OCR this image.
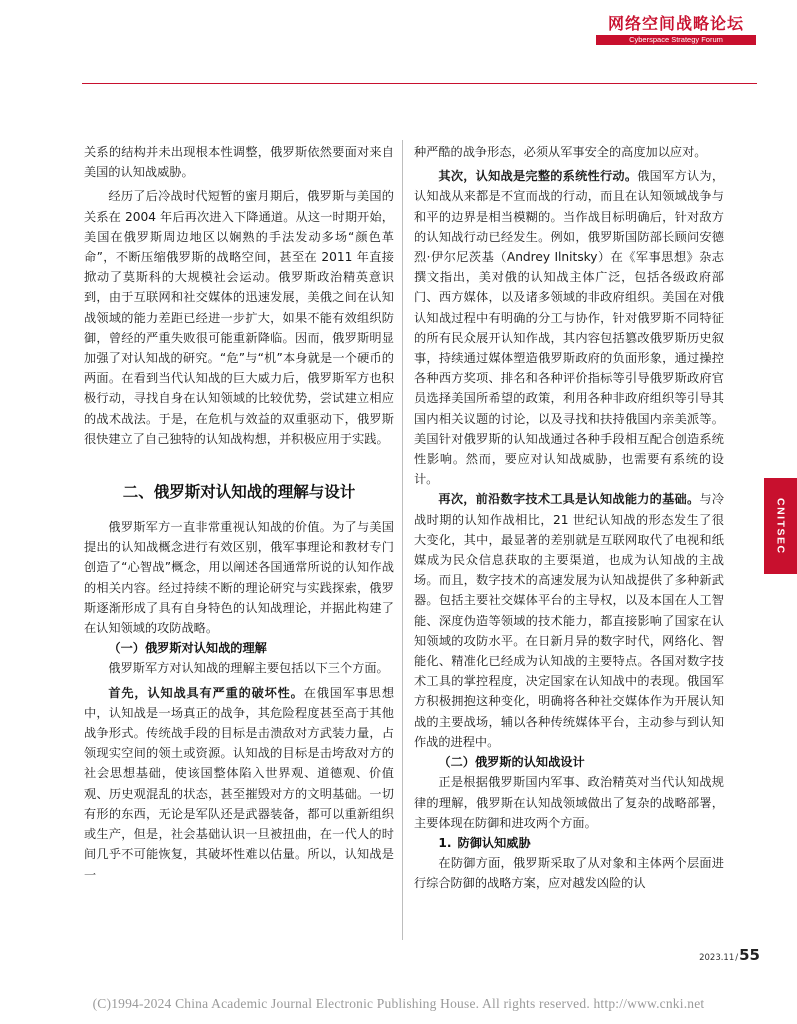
网络空间战略论坛
Cyberspace Strategy Forum

关系的结构并未出现根本性调整，俄罗斯依然要面对来自美国的认知战威胁。

经历了后冷战时代短暂的蜜月期后，俄罗斯与美国的关系在 2004 年后再次进入下降通道。从这一时期开始，美国在俄罗斯周边地区以娴熟的手法发动多场“颜色革命”，不断压缩俄罗斯的战略空间，甚至在 2011 年直接掀动了莫斯科的大规模社会运动。俄罗斯政治精英意识到，由于互联网和社交媒体的迅速发展，美俄之间在认知战领域的能力差距已经进一步扩大，如果不能有效组织防御，曾经的严重失败很可能重新降临。因而，俄罗斯明显加强了对认知战的研究。“危”与“机”本身就是一个硬币的两面。在看到当代认知战的巨大威力后，俄罗斯军方也积极行动，寻找自身在认知领域的比较优势，尝试建立相应的战术战法。于是，在危机与效益的双重驱动下，俄罗斯很快建立了自己独特的认知战构想，并积极应用于实践。

二、俄罗斯对认知战的理解与设计

俄罗斯军方一直非常重视认知战的价值。为了与美国提出的认知战概念进行有效区别，俄军事理论和教材专门创造了“心智战”概念，用以阐述各国通常所说的认知作战的相关内容。经过持续不断的理论研究与实践探索，俄罗斯逐渐形成了具有自身特色的认知战理论，并据此构建了在认知领域的攻防战略。

（一）俄罗斯对认知战的理解

俄罗斯军方对认知战的理解主要包括以下三个方面。

首先，认知战具有严重的破坏性。在俄国军事思想中，认知战是一场真正的战争，其危险程度甚至高于其他战争形式。传统战手段的目标是击溃敌对方武装力量，占领现实空间的领土或资源。认知战的目标是击垮敌对方的社会思想基础，使该国整体陷入世界观、道德观、价值观、历史观混乱的状态，甚至摧毁对方的文明基础。一切有形的东西，无论是军队还是武器装备，都可以重新组织或生产，但是，社会基础认识一旦被扭曲，在一代人的时间几乎不可能恢复，其破坏性难以估量。所以，认知战是一

种严酷的战争形态，必须从军事安全的高度加以应对。

其次，认知战是完整的系统性行动。俄国军方认为，认知战从来都是不宣而战的行动，而且在认知领域战争与和平的边界是相当模糊的。当作战目标明确后，针对敌方的认知战行动已经发生。例如，俄罗斯国防部长顾问安德烈·伊尔尼茨基（Andrey Ilnitsky）在《军事思想》杂志撰文指出，美对俄的认知战主体广泛，包括各级政府部门、西方媒体，以及诸多领域的非政府组织。美国在对俄认知战过程中有明确的分工与协作，针对俄罗斯不同特征的所有民众展开认知作战，其内容包括篡改俄罗斯历史叙事，持续通过媒体塑造俄罗斯政府的负面形象，通过操控各种西方奖项、排名和各种评价指标等引导俄罗斯政府官员选择美国所希望的政策，利用各种非政府组织等引导其国内相关议题的讨论，以及寻找和扶持俄国内亲美派等。美国针对俄罗斯的认知战通过各种手段相互配合创造系统性影响。然而，要应对认知战威胁，也需要有系统的设计。

再次，前沿数字技术工具是认知战能力的基础。与冷战时期的认知作战相比，21 世纪认知战的形态发生了很大变化，其中，最显著的差别就是互联网取代了电视和纸媒成为民众信息获取的主要渠道，也成为认知战的主战场。而且，数字技术的高速发展为认知战提供了多种新武器。包括主要社交媒体平台的主导权，以及本国在人工智能、深度伪造等领域的技术能力，都直接影响了国家在认知领域的攻防水平。在日新月异的数字时代，网络化、智能化、精准化已经成为认知战的主要特点。各国对数字技术工具的掌控程度，决定国家在认知战中的表现。俄国军方积极拥抱这种变化，明确将各种社交媒体作为开展认知战的主要战场，辅以各种传统媒体平台，主动参与到认知作战的进程中。

（二）俄罗斯的认知战设计

正是根据俄罗斯国内军事、政治精英对当代认知战规律的理解，俄罗斯在认知战领域做出了复杂的战略部署，主要体现在防御和进攻两个方面。

1. 防御认知威胁

在防御方面，俄罗斯采取了从对象和主体两个层面进行综合防御的战略方案，应对越发凶险的认

CNITSEC
2023.11/55
(C)1994-2024 China Academic Journal Electronic Publishing House. All rights reserved. http://www.cnki.net
